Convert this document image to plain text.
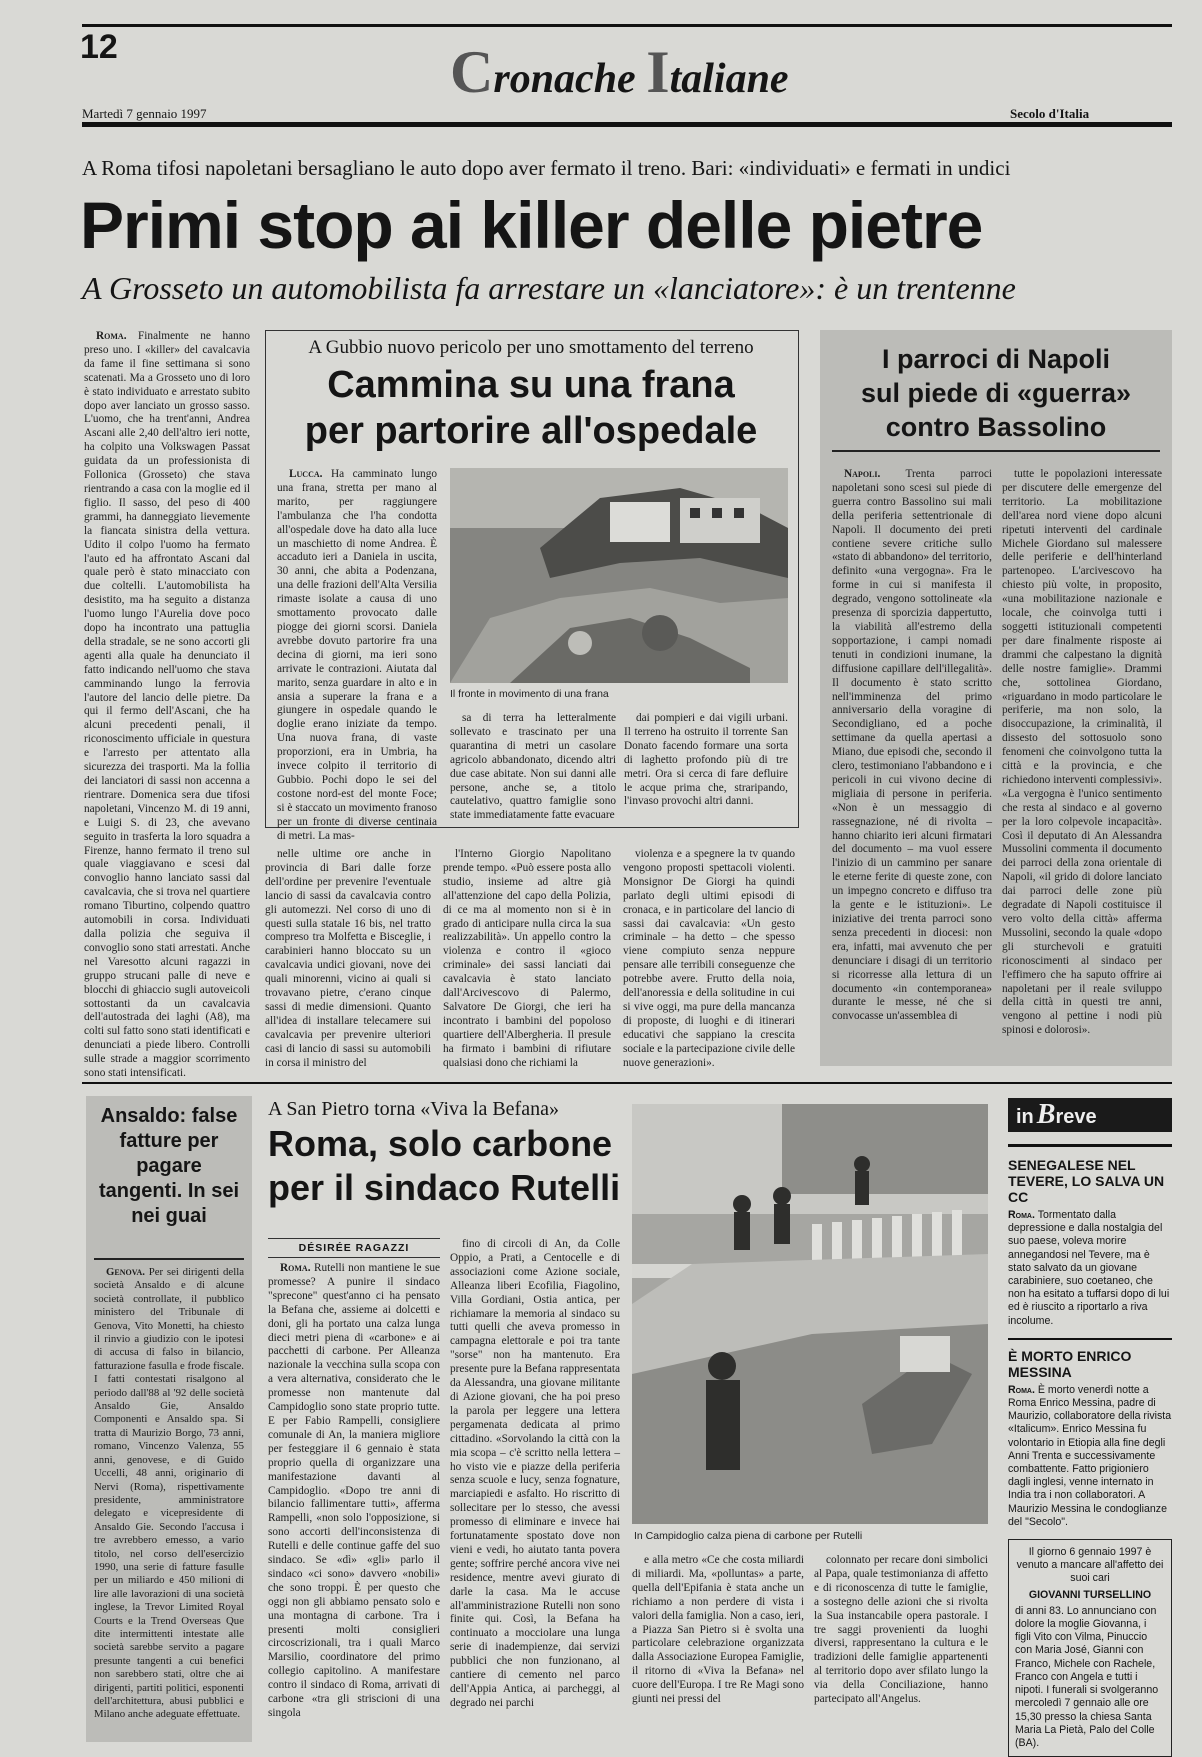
12	Cronache Italiane
Martedì 7 gennaio 1997	Secolo d'Italia
A Roma tifosi napoletani bersagliano le auto dopo aver fermato il treno. Bari: «individuati» e fermati in undici
Primi stop ai killer delle pietre
A Grosseto un automobilista fa arrestare un «lanciatore»: è un trentenne

Roma. Finalmente ne hanno preso uno. I «killer» del cavalcavia da fame il fine settimana si sono scatenati. Ma a Grosseto uno di loro è stato individuato e arrestato subito dopo aver lanciato un grosso sasso. L'uomo, che ha trent'anni, Andrea Ascani alle 2,40 dell'altro ieri notte, ha colpito una Volkswagen Passat guidata da un professionista di Follonica (Grosseto) che stava rientrando a casa con la moglie ed il figlio. Il sasso, del peso di 400 grammi, ha danneggiato lievemente la fiancata sinistra della vettura. Udito il colpo l'uomo ha fermato l'auto ed ha affrontato Ascani dal quale però è stato minacciato con due coltelli. L'automobilista ha desistito, ma ha seguito a distanza l'uomo lungo l'Aurelia dove poco dopo ha incontrato una pattuglia della stradale, se ne sono accorti gli agenti alla quale ha denunciato il fatto indicando nell'uomo che stava camminando lungo la ferrovia l'autore del lancio delle pietre. Da qui il fermo dell'Ascani, che ha alcuni precedenti penali, il riconoscimento ufficiale in questura e l'arresto per attentato alla sicurezza dei trasporti. Ma la follia dei lanciatori di sassi non accenna a rientrare. Domenica sera due tifosi napoletani, Vincenzo M. di 19 anni, e Luigi S. di 23, che avevano seguito in trasferta la loro squadra a Firenze, hanno fermato il treno sul quale viaggiavano e scesi dal convoglio hanno lanciato sassi dal cavalcavia, che si trova nel quartiere romano Tiburtino, colpendo quattro automobili in corsa. Individuati dalla polizia che seguiva il convoglio sono stati arrestati. Anche nel Varesotto alcuni ragazzi in gruppo strucani palle di neve e blocchi di ghiaccio sugli autoveicoli sottostanti da un cavalcavia dell'autostrada dei laghi (A8), ma colti sul fatto sono stati identificati e denunciati a piede libero. Controlli sulle strade a maggior scorrimento sono stati intensificati.

A Gubbio nuovo pericolo per uno smottamento del terreno
Cammina su una frana
per partorire all'ospedale

Lucca. Ha camminato lungo una frana, stretta per mano al marito, per raggiungere l'ambulanza che l'ha condotta all'ospedale dove ha dato alla luce un maschietto di nome Andrea. È accaduto ieri a Daniela in uscita, 30 anni, che abita a Podenzana, una delle frazioni dell'Alta Versilia rimaste isolate a causa di uno smottamento provocato dalle piogge dei giorni scorsi. Daniela avrebbe dovuto partorire fra una decina di giorni, ma ieri sono arrivate le contrazioni. Aiutata dal marito, senza guardare in alto e in ansia a superare la frana e a giungere in ospedale quando le doglie erano iniziate da tempo. Una nuova frana, di vaste proporzioni, era in Umbria, ha invece colpito il territorio di Gubbio. Pochi dopo le sei del costone nord-est del monte Foce; si è staccato un movimento franoso per un fronte di diverse centinaia di metri. La mas-

Il fronte in movimento di una frana

sa di terra ha letteralmente sollevato e trascinato per una quarantina di metri un casolare agricolo abbandonato, dicendo altri due case abitate. Non sui danni alle persone, anche se, a titolo cautelativo, quattro famiglie sono state immediatamente fatte evacuare

dai pompieri e dai vigili urbani. Il terreno ha ostruito il torrente San Donato facendo formare una sorta di laghetto profondo più di tre metri. Ora si cerca di fare defluire le acque prima che, straripando, l'invaso provochi altri danni.

nelle ultime ore anche in provincia di Bari dalle forze dell'ordine per prevenire l'eventuale lancio di sassi da cavalcavia contro gli automezzi. Nel corso di uno di questi sulla statale 16 bis, nel tratto compreso tra Molfetta e Bisceglie, i carabinieri hanno bloccato su un cavalcavia undici giovani, nove dei quali minorenni, vicino ai quali si trovavano pietre, c'erano cinque sassi di medie dimensioni. Quanto all'idea di installare telecamere sui cavalcavia per prevenire ulteriori casi di lancio di sassi su automobili in corsa il ministro del

l'Interno Giorgio Napolitano prende tempo. «Può essere posta allo studio, insieme ad altre già all'attenzione del capo della Polizia, di ce ma al momento non si è in grado di anticipare nulla circa la sua realizzabilità». Un appello contro la violenza e contro il «gioco criminale» dei sassi lanciati dai cavalcavia è stato lanciato dall'Arcivescovo di Palermo, Salvatore De Giorgi, che ieri ha incontrato i bambini del popoloso quartiere dell'Albergheria. Il presule ha firmato i bambini di rifiutare qualsiasi dono che richiami la

violenza e a spegnere la tv quando vengono proposti spettacoli violenti. Monsignor De Giorgi ha quindi parlato degli ultimi episodi di cronaca, e in particolare del lancio di sassi dai cavalcavia: «Un gesto criminale – ha detto – che spesso viene compiuto senza neppure pensare alle terribili conseguenze che potrebbe avere. Frutto della noia, dell'anoressia e della solitudine in cui si vive oggi, ma pure della mancanza di proposte, di luoghi e di itinerari educativi che sappiano la crescita sociale e la partecipazione civile delle nuove generazioni».

I parroci di Napoli
sul piede di «guerra»
contro Bassolino

Napoli. Trenta parroci napoletani sono scesi sul piede di guerra contro Bassolino sui mali della periferia settentrionale di Napoli. Il documento dei preti contiene severe critiche sullo «stato di abbandono» del territorio, definito «una vergogna». Fra le forme in cui si manifesta il degrado, vengono sottolineate «la presenza di sporcizia dappertutto, la viabilità all'estremo della sopportazione, i campi nomadi tenuti in condizioni inumane, la diffusione capillare dell'illegalità». Il documento è stato scritto nell'imminenza del primo anniversario della voragine di Secondigliano, ed a poche settimane da quella apertasi a Miano, due episodi che, secondo il clero, testimoniano l'abbandono e i pericoli in cui vivono decine di migliaia di persone in periferia. «Non è un messaggio di rassegnazione, né di rivolta – hanno chiarito ieri alcuni firmatari del documento – ma vuol essere l'inizio di un cammino per sanare le eterne ferite di queste zone, con un impegno concreto e diffuso tra la gente e le istituzioni». Le iniziative dei trenta parroci sono senza precedenti in diocesi: non era, infatti, mai avvenuto che per denunciare i disagi di un territorio si ricorresse alla lettura di un documento «in contemporanea» durante le messe, né che si convocasse un'assemblea di

tutte le popolazioni interessate per discutere delle emergenze del territorio. La mobilitazione dell'area nord viene dopo alcuni ripetuti interventi del cardinale Michele Giordano sul malessere delle periferie e dell'hinterland partenopeo. L'arcivescovo ha chiesto più volte, in proposito, «una mobilitazione nazionale e locale, che coinvolga tutti i soggetti istituzionali competenti per dare finalmente risposte ai drammi che calpestano la dignità delle nostre famiglie». Drammi che, sottolinea Giordano, «riguardano in modo particolare le periferie, ma non solo, la disoccupazione, la criminalità, il dissesto del sottosuolo sono fenomeni che coinvolgono tutta la città e la provincia, e che richiedono interventi complessivi». «La vergogna è l'unico sentimento che resta al sindaco e al governo per la loro colpevole incapacità». Così il deputato di An Alessandra Mussolini commenta il documento dei parroci della zona orientale di Napoli, «il grido di dolore lanciato dai parroci delle zone più degradate di Napoli costituisce il vero volto della città» afferma Mussolini, secondo la quale «dopo gli sturchevoli e gratuiti riconoscimenti al sindaco per l'effimero che ha saputo offrire ai napoletani per il reale sviluppo della città in questi tre anni, vengono al pettine i nodi più spinosi e dolorosi».

Ansaldo: false fatture per pagare tangenti. In sei nei guai

Genova. Per sei dirigenti della società Ansaldo e di alcune società controllate, il pubblico ministero del Tribunale di Genova, Vito Monetti, ha chiesto il rinvio a giudizio con le ipotesi di accusa di falso in bilancio, fatturazione fasulla e frode fiscale. I fatti contestati risalgono al periodo dall'88 al '92 delle società Ansaldo Gie, Ansaldo Componenti e Ansaldo spa. Si tratta di Maurizio Borgo, 73 anni, romano, Vincenzo Valenza, 55 anni, genovese, e di Guido Uccelli, 48 anni, originario di Nervi (Roma), rispettivamente presidente, amministratore delegato e vicepresidente di Ansaldo Gie. Secondo l'accusa i tre avrebbero emesso, a vario titolo, nel corso dell'esercizio 1990, una serie di fatture fasulle per un miliardo e 450 milioni di lire alle lavorazioni di una società inglese, la Trevor Limited Royal Courts e la Trend Overseas Que dite intermittenti intestate alle società sarebbe servito a pagare presunte tangenti a cui benefici non sarebbero stati, oltre che ai dirigenti, partiti politici, esponenti dell'architettura, abusi pubblici e Milano anche adeguate effettuate.

A San Pietro torna «Viva la Befana»
Roma, solo carbone
per il sindaco Rutelli
DÉSIRÉE RAGAZZI

Roma. Rutelli non mantiene le sue promesse? A punire il sindaco "sprecone" quest'anno ci ha pensato la Befana che, assieme ai dolcetti e doni, gli ha portato una calza lunga dieci metri piena di «carbone» e ai pacchetti di carbone. Per Alleanza nazionale la vecchina sulla scopa con a vera alternativa, considerato che le promesse non mantenute dal Campidoglio sono state proprio tutte. E per Fabio Rampelli, consigliere comunale di An, la maniera migliore per festeggiare il 6 gennaio è stata proprio quella di organizzare una manifestazione davanti al Campidoglio. «Dopo tre anni di bilancio fallimentare tutti», afferma Rampelli, «non solo l'opposizione, si sono accorti dell'inconsistenza di Rutelli e delle continue gaffe del suo sindaco. Se «dì» «gli» parlo il sindaco «ci sono» davvero «nobili» che sono troppi. È per questo che oggi non gli abbiamo pensato solo e una montagna di carbone. Tra i presenti molti consiglieri circoscrizionali, tra i quali Marco Marsilio, coordinatore del primo collegio capitolino. A manifestare contro il sindaco di Roma, arrivati di carbone «tra gli striscioni di una singola

fino di circoli di An, da Colle Oppio, a Prati, a Centocelle e di associazioni come Azione sociale, Alleanza liberi Ecofilia, Fiagolino, Villa Gordiani, Ostia antica, per richiamare la memoria al sindaco su tutti quelli che aveva promesso in campagna elettorale e poi tra tante "sorse" non ha mantenuto. Era presente pure la Befana rappresentata da Alessandra, una giovane militante di Azione giovani, che ha poi preso la parola per leggere una lettera pergamenata dedicata al primo cittadino. «Sorvolando la città con la mia scopa – c'è scritto nella lettera – ho visto vie e piazze della periferia senza scuole e lucy, senza fognature, marciapiedi e asfalto. Ho riscritto di sollecitare per lo stesso, che avessi promesso di eliminare e invece hai fortunatamente spostato dove non vieni e vedi, ho aiutato tanta povera gente; soffrire perché ancora vive nei residence, mentre avevi giurato di darle la casa. Ma le accuse all'amministrazione Rutelli non sono finite qui. Così, la Befana ha continuato a mocciolare una lunga serie di inadempienze, dai servizi pubblici che non funzionano, al cantiere di cemento nel parco dell'Appia Antica, ai parcheggi, al degrado nei parchi

In Campidoglio calza piena di carbone per Rutelli

e alla metro «Ce che costa miliardi di miliardi. Ma, «polluntas» a parte, quella dell'Epifania è stata anche un richiamo a non perdere di vista i valori della famiglia. Non a caso, ieri, a Piazza San Pietro si è svolta una particolare celebrazione organizzata dalla Associazione Europea Famiglie, il ritorno di «Viva la Befana» nel cuore dell'Europa. I tre Re Magi sono giunti nei pressi del

colonnato per recare doni simbolici al Papa, quale testimonianza di affetto e di riconoscenza di tutte le famiglie, a sostegno delle azioni che si rivolta la Sua instancabile opera pastorale. I tre saggi provenienti da luoghi diversi, rappresentano la cultura e le tradizioni delle famiglie appartenenti al territorio dopo aver sfilato lungo la via della Conciliazione, hanno partecipato all'Angelus.

in Breve

SENEGALESE NEL TEVERE, LO SALVA UN CC

Roma. Tormentato dalla depressione e dalla nostalgia del suo paese, voleva morire annegandosi nel Tevere, ma è stato salvato da un giovane carabiniere, suo coetaneo, che non ha esitato a tuffarsi dopo di lui ed è riuscito a riportarlo a riva incolume.

È MORTO ENRICO MESSINA

Roma. È morto venerdì notte a Roma Enrico Messina, padre di Maurizio, collaboratore della rivista «Italicum». Enrico Messina fu volontario in Etiopia alla fine degli Anni Trenta e successivamente combattente. Fatto prigioniero dagli inglesi, venne internato in India tra i non collaboratori. A Maurizio Messina le condoglianze del "Secolo".

Il giorno 6 gennaio 1997 è venuto a mancare all'affetto dei suoi cari

GIOVANNI TURSELLINO

di anni 83. Lo annunciano con dolore la moglie Giovanna, i figli Vito con Vilma, Pinuccio con Maria José, Gianni con Franco, Michele con Rachele, Franco con Angela e tutti i nipoti. I funerali si svolgeranno mercoledì 7 gennaio alle ore 15,30 presso la chiesa Santa Maria La Pietà, Palo del Colle (BA).
